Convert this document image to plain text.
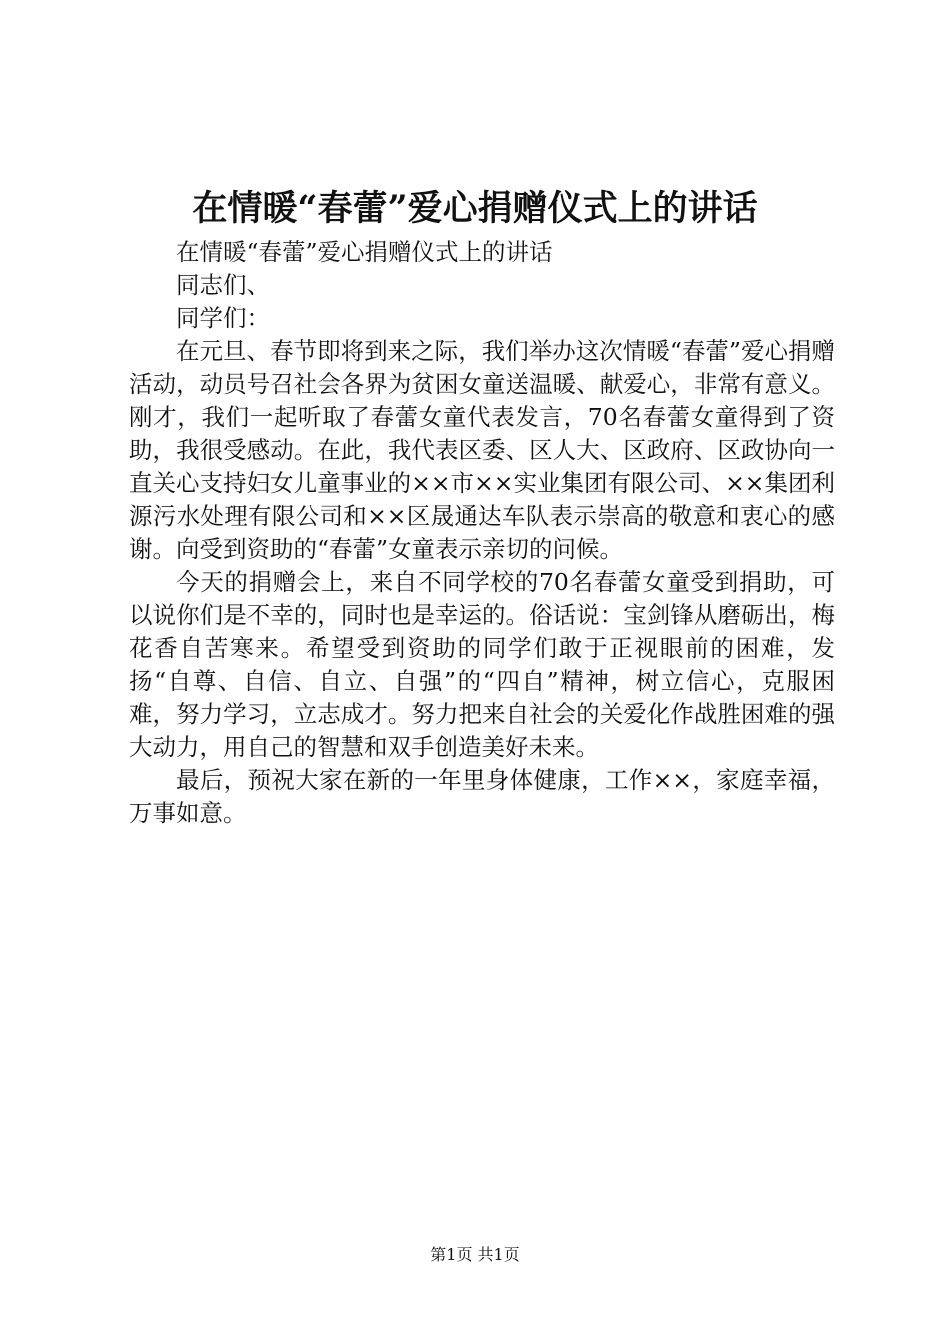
在情暖“春蕾”爱心捐赠仪式上的讲话

在情暖“春蕾”爱心捐赠仪式上的讲话

同志们、

同学们：

在元旦、春节即将到来之际，我们举办这次情暖“春蕾”爱心捐赠活动，动员号召社会各界为贫困女童送温暖、献爱心，非常有意义。刚才，我们一起听取了春蕾女童代表发言，70名春蕾女童得到了资助，我很受感动。在此，我代表区委、区人大、区政府、区政协向一直关心支持妇女儿童事业的××市××实业集团有限公司、××集团利源污水处理有限公司和××区晟通达车队表示崇高的敬意和衷心的感谢。向受到资助的“春蕾”女童表示亲切的问候。

今天的捐赠会上，来自不同学校的70名春蕾女童受到捐助，可以说你们是不幸的，同时也是幸运的。俗话说：宝剑锋从磨砺出，梅花香自苦寒来。希望受到资助的同学们敢于正视眼前的困难，发扬“自尊、自信、自立、自强”的“四自”精神，树立信心，克服困难，努力学习，立志成才。努力把来自社会的关爱化作战胜困难的强大动力，用自己的智慧和双手创造美好未来。

最后，预祝大家在新的一年里身体健康，工作××，家庭幸福，万事如意。

第1页 共1页
